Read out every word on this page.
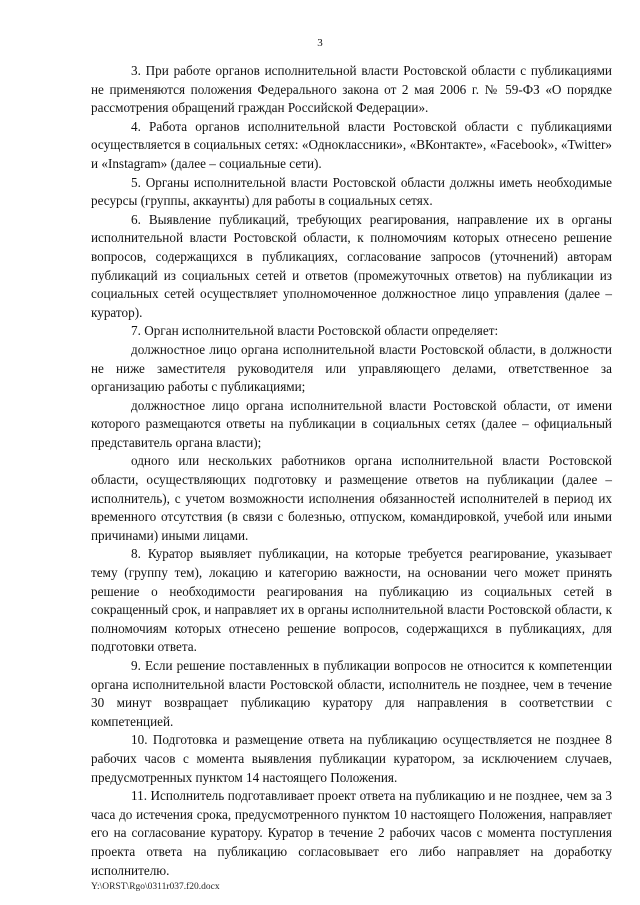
3

3. При работе органов исполнительной власти Ростовской области с публикациями не применяются положения Федерального закона от 2 мая 2006 г. № 59-ФЗ «О порядке рассмотрения обращений граждан Российской Федерации».

4. Работа органов исполнительной власти Ростовской области с публикациями осуществляется в социальных сетях: «Одноклассники», «ВКонтакте», «Facebook», «Twitter» и «Instagram» (далее – социальные сети).

5. Органы исполнительной власти Ростовской области должны иметь необходимые ресурсы (группы, аккаунты) для работы в социальных сетях.

6. Выявление публикаций, требующих реагирования, направление их в органы исполнительной власти Ростовской области, к полномочиям которых отнесено решение вопросов, содержащихся в публикациях, согласование запросов (уточнений) авторам публикаций из социальных сетей и ответов (промежуточных ответов) на публикации из социальных сетей осуществляет уполномоченное должностное лицо управления (далее – куратор).

7. Орган исполнительной власти Ростовской области определяет:

должностное лицо органа исполнительной власти Ростовской области, в должности не ниже заместителя руководителя или управляющего делами, ответственное за организацию работы с публикациями;

должностное лицо органа исполнительной власти Ростовской области, от имени которого размещаются ответы на публикации в социальных сетях (далее – официальный представитель органа власти);

одного или нескольких работников органа исполнительной власти Ростовской области, осуществляющих подготовку и размещение ответов на публикации (далее – исполнитель), с учетом возможности исполнения обязанностей исполнителей в период их временного отсутствия (в связи с болезнью, отпуском, командировкой, учебой или иными причинами) иными лицами.

8. Куратор выявляет публикации, на которые требуется реагирование, указывает тему (группу тем), локацию и категорию важности, на основании чего может принять решение о необходимости реагирования на публикацию из социальных сетей в сокращенный срок, и направляет их в органы исполнительной власти Ростовской области, к полномочиям которых отнесено решение вопросов, содержащихся в публикациях, для подготовки ответа.

9. Если решение поставленных в публикации вопросов не относится к компетенции органа исполнительной власти Ростовской области, исполнитель не позднее, чем в течение 30 минут возвращает публикацию куратору для направления в соответствии с компетенцией.

10. Подготовка и размещение ответа на публикацию осуществляется не позднее 8 рабочих часов с момента выявления публикации куратором, за исключением случаев, предусмотренных пунктом 14 настоящего Положения.

11. Исполнитель подготавливает проект ответа на публикацию и не позднее, чем за 3 часа до истечения срока, предусмотренного пунктом 10 настоящего Положения, направляет его на согласование куратору. Куратор в течение 2 рабочих часов с момента поступления проекта ответа на публикацию согласовывает его либо направляет на доработку исполнителю.

Y:\ORST\Rgo\0311r037.f20.docx
